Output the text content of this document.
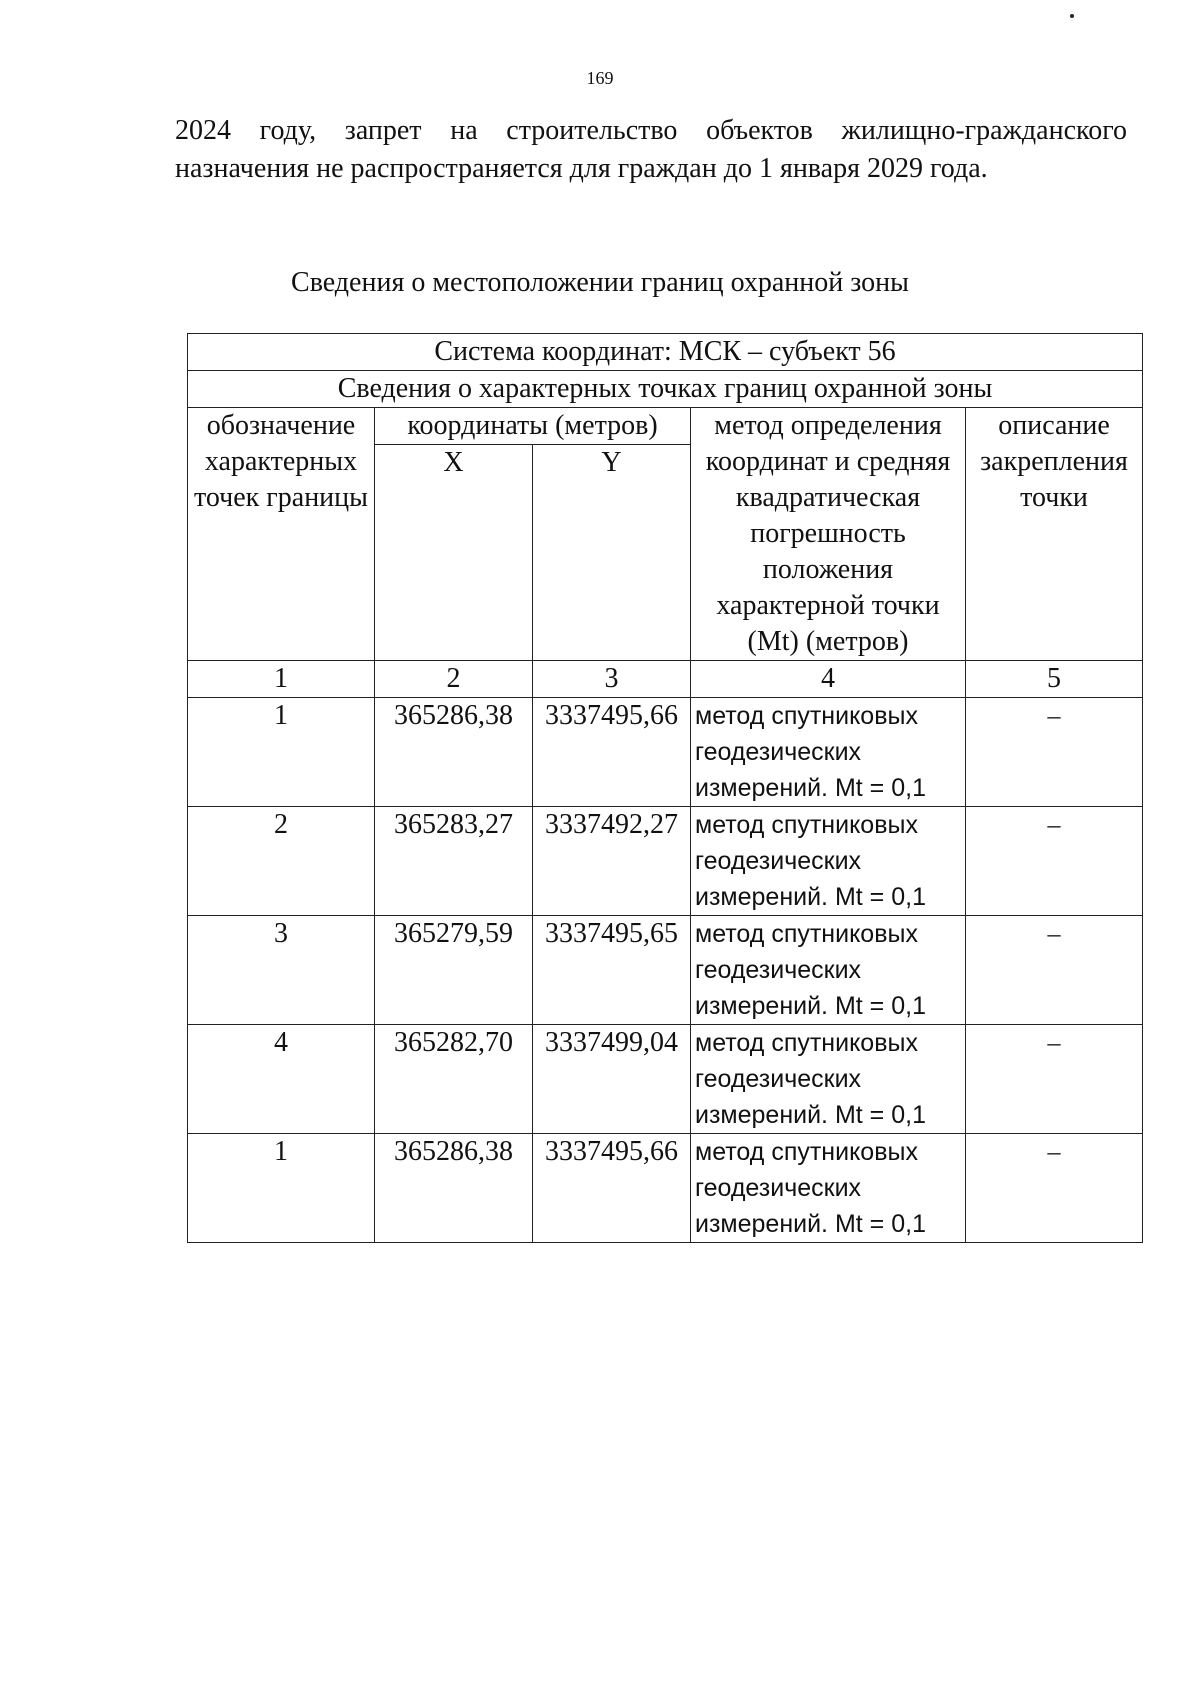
169

2024 году, запрет на строительство объектов жилищно-гражданского
назначения не распространяется для граждан до 1 января 2029 года.

Сведения о местоположении границ охранной зоны
Система координат: МСК – субъект 56				
Сведения о характерных точках границ охранной зоны				
обозначение характерных точек границы	координаты (метров)		метод определения координат и средняя квадратическая погрешность положения характерной точки (Mt) (метров)	описание закрепления точки
	X	Y		
1	2	3	4	5
1	365286,38	3337495,66	метод спутниковых геодезических измерений. Mt = 0,1	–
2	365283,27	3337492,27	метод спутниковых геодезических измерений. Mt = 0,1	–
3	365279,59	3337495,65	метод спутниковых геодезических измерений. Mt = 0,1	–
4	365282,70	3337499,04	метод спутниковых геодезических измерений. Mt = 0,1	–
1	365286,38	3337495,66	метод спутниковых геодезических измерений. Mt = 0,1	–
